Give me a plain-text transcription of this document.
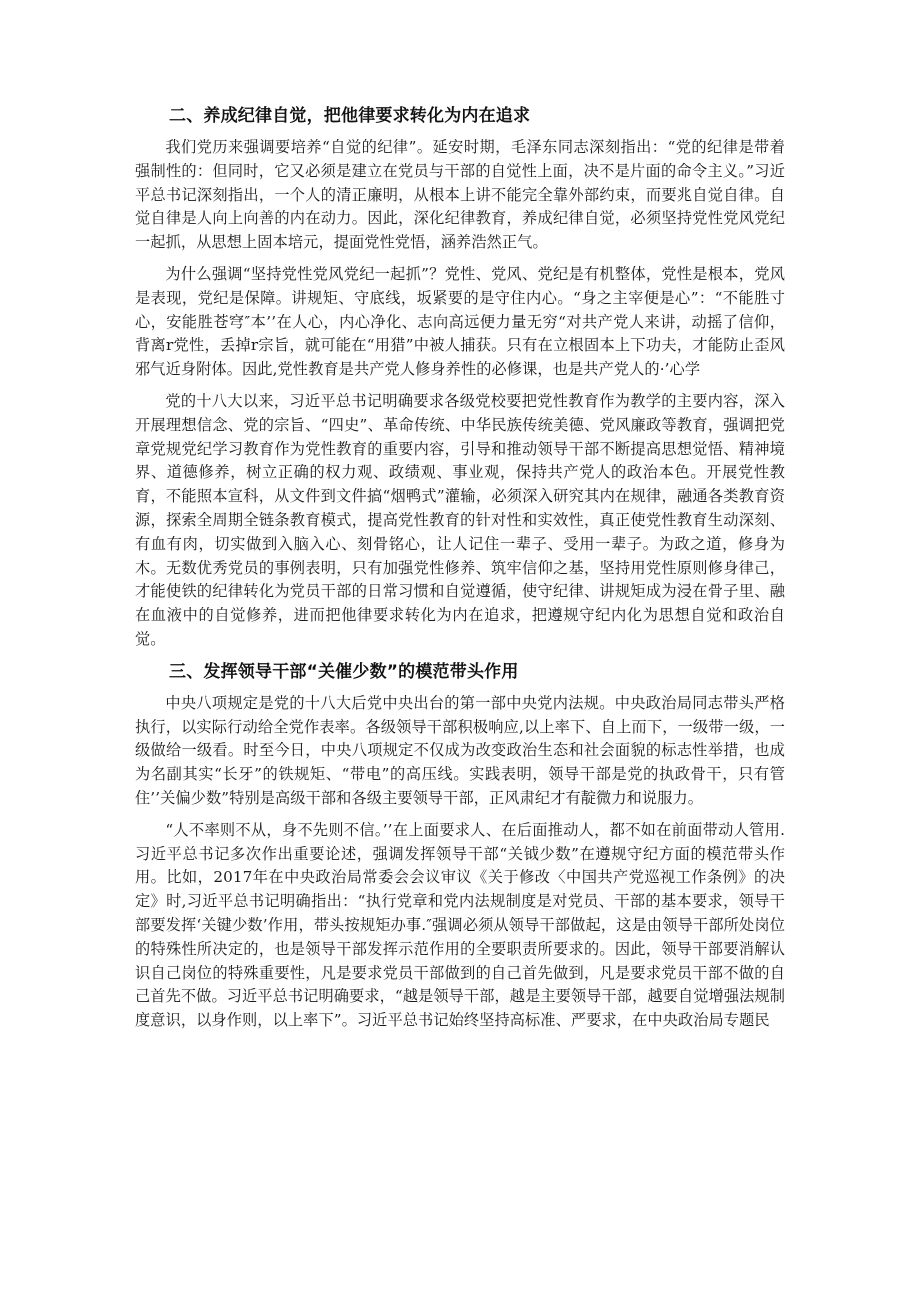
二、养成纪律自觉，把他律要求转化为内在追求

我们党历来强调要培养“自觉的纪律”。延安时期，毛泽东同志深刻指出：“党的纪律是带着强制性的：但同时，它又必须是建立在党员与干部的自觉性上面，决不是片面的命令主义。”习近平总书记深刻指出，一个人的清正廉明，从根本上讲不能完全靠外部约束，而要兆自觉自律。自觉自律是人向上向善的内在动力。因此，深化纪律教育，养成纪律自觉，必须坚持党性党风党纪一起抓，从思想上固本培元，提面党性党悟，涵养浩然正气。

为什么强调“坚持党性党风党纪一起抓”？党性、党风、党纪是有机整体，党性是根本，党风是表现，党纪是保障。讲规矩、守底线，坂紧要的是守住内心。“身之主宰便是心”：“不能胜寸心，安能胜苍穹″本’’在人心，内心净化、志向高远便力量无穷“对共产党人来讲，动摇了信仰，背离r党性，丢掉r宗旨，就可能在“用猎”中被人捕获。只有在立根固本上下功夫，才能防止歪风邪气近身附体。因此,党性教育是共产党人修身养性的必修课，也是共产党人的·’心学

党的十八大以来，习近平总书记明确要求各级党校要把党性教育作为教学的主要内容，深入开展理想信念、党的宗旨、“四史”、革命传统、中华民族传统美德、党风廉政等教育，强调把党章党规党纪学习教育作为党性教育的重要内容，引导和推动领导干部不断提高思想觉悟、精神境界、道德修养，树立正确的权力观、政绩观、事业观，保持共产党人的政治本色。开展党性教育，不能照本宣科，从文件到文件搞“烟鸭式”灌输，必须深入研究其内在规律，融通各类教育资源，探索全周期全链条教育模式，提高党性教育的针对性和实效性，真正使党性教育生动深刻、有血有肉，切实做到入脑入心、刻骨铭心，让人记住一辈子、受用一辈子。为政之道，修身为木。无数优秀党员的事例表明，只有加强党性修养、筑牢信仰之基，坚持用党性原则修身律己，才能使铁的纪律转化为党员干部的日常习惯和自觉遵循，使守纪律、讲规矩成为浸在骨子里、融在血液中的自觉修养，进而把他律要求转化为内在追求，把遵规守纪内化为思想自觉和政治自觉。

三、发挥领导干部“关催少数”的模范带头作用

中央八项规定是党的十八大后党中央出台的第一部中央党内法规。中央政治局同志带头严格执行，以实际行动给全党作表率。各级领导干部积极响应,以上率下、自上而下，一级带一级，一级做给一级看。时至今日，中央八项规定不仅成为改变政治生态和社会面貌的标志性举措，也成为名副其实“长牙”的铁规矩、“带电”的高压线。实践表明，领导干部是党的执政骨干，只有管住’’关偏少数”特别是高级干部和各级主要领导干部，正风肃纪才有靛微力和说服力。

“人不率则不从，身不先则不信。’’在上面要求人、在后面推动人，都不如在前面带动人管用.习近平总书记多次作出重要论述，强调发挥领导干部“关钺少数”在遵规守纪方面的模范带头作用。比如，2017年在中央政治局常委会会议审议《关于修改〈中国共产党巡视工作条例》的决定》时,习近平总书记明确指出：“执行党章和党内法规制度是对党员、干部的基本要求，领导干部要发挥‘关键少数’作用，带头按规矩办事.″强调必须从领导干部做起，这是由领导干部所处岗位的特殊性所决定的，也是领导干部发挥示范作用的全要职责所要求的。因此，领导干部要消解认识自己岗位的特殊重要性，凡是要求党员干部做到的自己首先做到，凡是要求党员干部不做的自己首先不做。习近平总书记明确要求，“越是领导干部，越是主要领导干部，越要自觉增强法规制度意识，以身作则，以上率下”。习近平总书记始终坚持高标准、严要求，在中央政治局专题民
